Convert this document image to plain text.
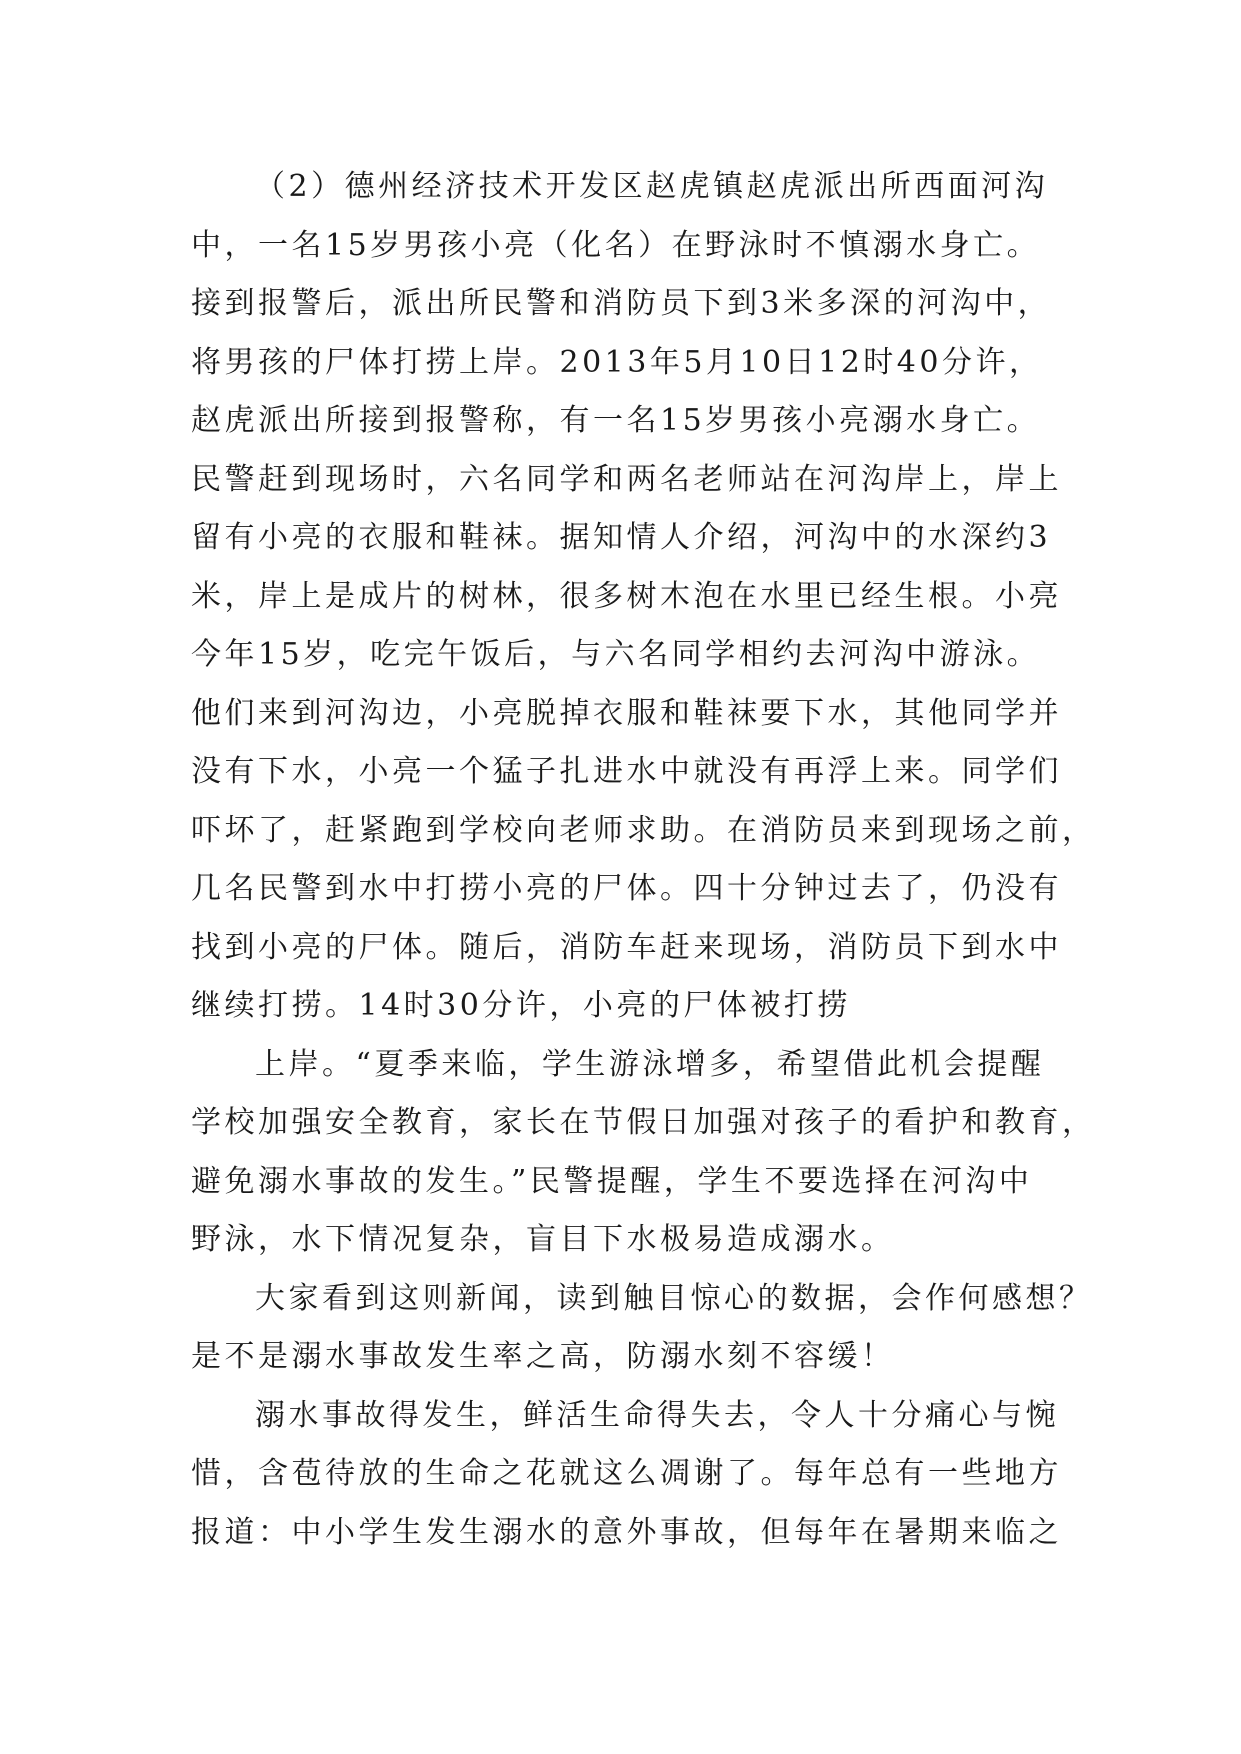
（2）德州经济技术开发区赵虎镇赵虎派出所西面河沟
中，一名15岁男孩小亮（化名）在野泳时不慎溺水身亡。
接到报警后，派出所民警和消防员下到3米多深的河沟中，
将男孩的尸体打捞上岸。2013年5月10日12时40分许，
赵虎派出所接到报警称，有一名15岁男孩小亮溺水身亡。
民警赶到现场时，六名同学和两名老师站在河沟岸上，岸上
留有小亮的衣服和鞋袜。据知情人介绍，河沟中的水深约3
米，岸上是成片的树林，很多树木泡在水里已经生根。小亮
今年15岁，吃完午饭后，与六名同学相约去河沟中游泳。
他们来到河沟边，小亮脱掉衣服和鞋袜要下水，其他同学并
没有下水，小亮一个猛子扎进水中就没有再浮上来。同学们
吓坏了，赶紧跑到学校向老师求助。在消防员来到现场之前，
几名民警到水中打捞小亮的尸体。四十分钟过去了，仍没有
找到小亮的尸体。随后，消防车赶来现场，消防员下到水中
继续打捞。14时30分许，小亮的尸体被打捞
上岸。“夏季来临，学生游泳增多，希望借此机会提醒
学校加强安全教育，家长在节假日加强对孩子的看护和教育，
避免溺水事故的发生。”民警提醒，学生不要选择在河沟中
野泳，水下情况复杂，盲目下水极易造成溺水。
大家看到这则新闻，读到触目惊心的数据，会作何感想？
是不是溺水事故发生率之高，防溺水刻不容缓！
溺水事故得发生，鲜活生命得失去，令人十分痛心与惋
惜，含苞待放的生命之花就这么凋谢了。每年总有一些地方
报道：中小学生发生溺水的意外事故，但每年在暑期来临之
